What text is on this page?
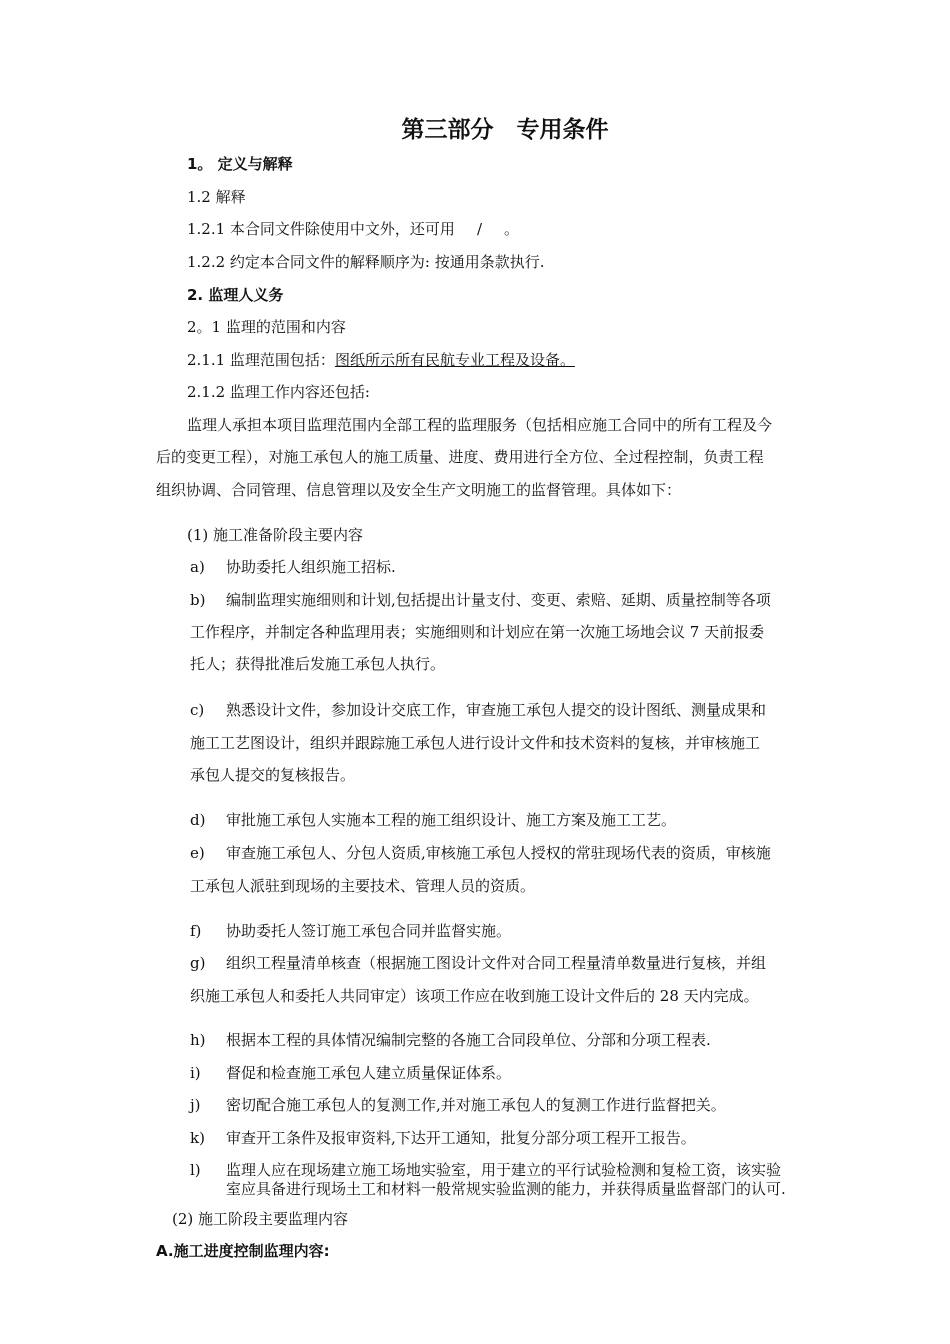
第三部分　专用条件
1。 定义与解释
1.2 解释
1.2.1 本合同文件除使用中文外，还可用 / 。
1.2.2 约定本合同文件的解释顺序为: 按通用条款执行.
2. 监理人义务
2。1 监理的范围和内容
2.1.1 监理范围包括：图纸所示所有民航专业工程及设备。
2.1.2 监理工作内容还包括:
监理人承担本项目监理范围内全部工程的监理服务（包括相应施工合同中的所有工程及今
后的变更工程），对施工承包人的施工质量、进度、费用进行全方位、全过程控制，负责工程
组织协调、合同管理、信息管理以及安全生产文明施工的监督管理。具体如下：
(1) 施工准备阶段主要内容
a) 协助委托人组织施工招标.
b) 编制监理实施细则和计划,包括提出计量支付、变更、索赔、延期、质量控制等各项
工作程序，并制定各种监理用表；实施细则和计划应在第一次施工场地会议 7 天前报委
托人；获得批准后发施工承包人执行。
c) 熟悉设计文件，参加设计交底工作，审查施工承包人提交的设计图纸、测量成果和
施工工艺图设计，组织并跟踪施工承包人进行设计文件和技术资料的复核，并审核施工
承包人提交的复核报告。
d) 审批施工承包人实施本工程的施工组织设计、施工方案及施工工艺。
e) 审查施工承包人、分包人资质,审核施工承包人授权的常驻现场代表的资质，审核施
工承包人派驻到现场的主要技术、管理人员的资质。
f) 协助委托人签订施工承包合同并监督实施。
g) 组织工程量清单核查（根据施工图设计文件对合同工程量清单数量进行复核，并组
织施工承包人和委托人共同审定）该项工作应在收到施工设计文件后的 28 天内完成。
h) 根据本工程的具体情况编制完整的各施工合同段单位、分部和分项工程表.
i) 督促和检查施工承包人建立质量保证体系。
j) 密切配合施工承包人的复测工作,并对施工承包人的复测工作进行监督把关。
k) 审查开工条件及报审资料,下达开工通知，批复分部分项工程开工报告。
l) 监理人应在现场建立施工场地实验室，用于建立的平行试验检测和复检工资，该实验
室应具备进行现场土工和材料一般常规实验监测的能力，并获得质量监督部门的认可.
(2) 施工阶段主要监理内容
A.施工进度控制监理内容:
